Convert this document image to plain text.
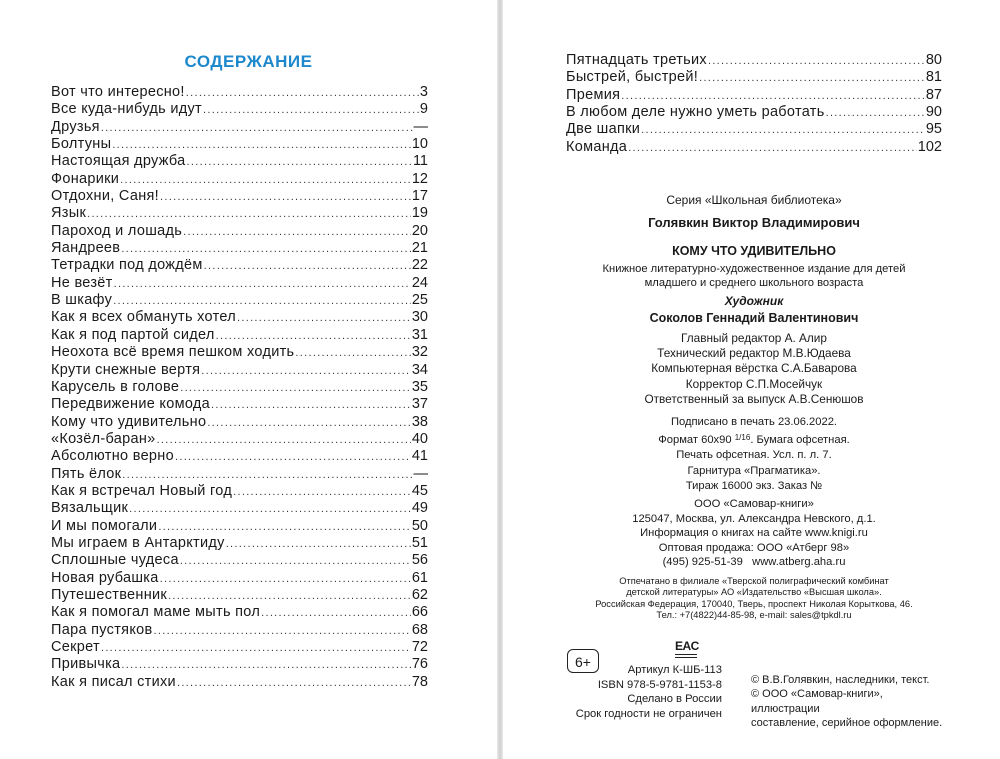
СОДЕРЖАНИЕ
Вот что интересно! .....	3
Все куда-нибудь идут .....	9
Друзья .....	—
Болтуны .....	10
Настоящая дружба .....	11
Фонарики .....	12
Отдохни, Саня! .....	17
Язык .....	19
Пароход и лошадь .....	20
Яандреев .....	21
Тетрадки под дождём .....	22
Не везёт .....	24
В шкафу .....	25
Как я всех обмануть хотел .....	30
Как я под партой сидел .....	31
Неохота всё время пешком ходить .....	32
Крути снежные вертя .....	34
Карусель в голове .....	35
Передвижение комода .....	37
Кому что удивительно .....	38
«Козёл-баран» .....	40
Абсолютно верно .....	41
Пять ёлок .....	—
Как я встречал Новый год .....	45
Вязальщик .....	49
И мы помогали .....	50
Мы играем в Антарктиду .....	51
Сплошные чудеса .....	56
Новая рубашка .....	61
Путешественник .....	62
Как я помогал маме мыть пол .....	66
Пара пустяков .....	68
Секрет .....	72
Привычка .....	76
Как я писал стихи .....	78
Пятнадцать третьих .....	80
Быстрей, быстрей! .....	81
Премия .....	87
В любом деле нужно уметь работать .....	90
Две шапки .....	95
Команда .....	102
Серия «Школьная библиотека»
Голявкин Виктор Владимирович
КОМУ ЧТО УДИВИТЕЛЬНО
Книжное литературно-художественное издание для детей
младшего и среднего школьного возраста
Художник
Соколов Геннадий Валентинович
Главный редактор А. Алир
Технический редактор М.В.Юдаева
Компьютерная вёрстка С.А.Баварова
Корректор С.П.Мосейчук
Ответственный за выпуск А.В.Сенюшов
Подписано в печать 23.06.2022.
Формат 60х90 $^{1/16}$. Бумага офсетная.
Печать офсетная. Усл. п. л. 7.
Гарнитура «Прагматика».
Тираж 16000 экз. Заказ №
ООО «Самовар-книги»
125047, Москва, ул. Александра Невского, д.1.
Информация о книгах на сайте www.knigi.ru
Оптовая продажа: ООО «Атберг 98»
(495) 925-51-39 www.atberg.aha.ru
Отпечатано в филиале «Тверской полиграфический комбинат
детской литературы» АО «Издательство «Высшая школа».
Российская Федерация, 170040, Тверь, проспект Николая Корыткова, 46.
Тел.: +7(4822)44-85-98, e-mail: sales@tpkdl.ru
6+
EAC
Артикул К-ШБ-113
ISBN 978-5-9781-1153-8
Сделано в России
Срок годности не ограничен
© В.В.Голявкин, наследники, текст.
© ООО «Самовар-книги», иллюстрации
составление, серийное оформление.
